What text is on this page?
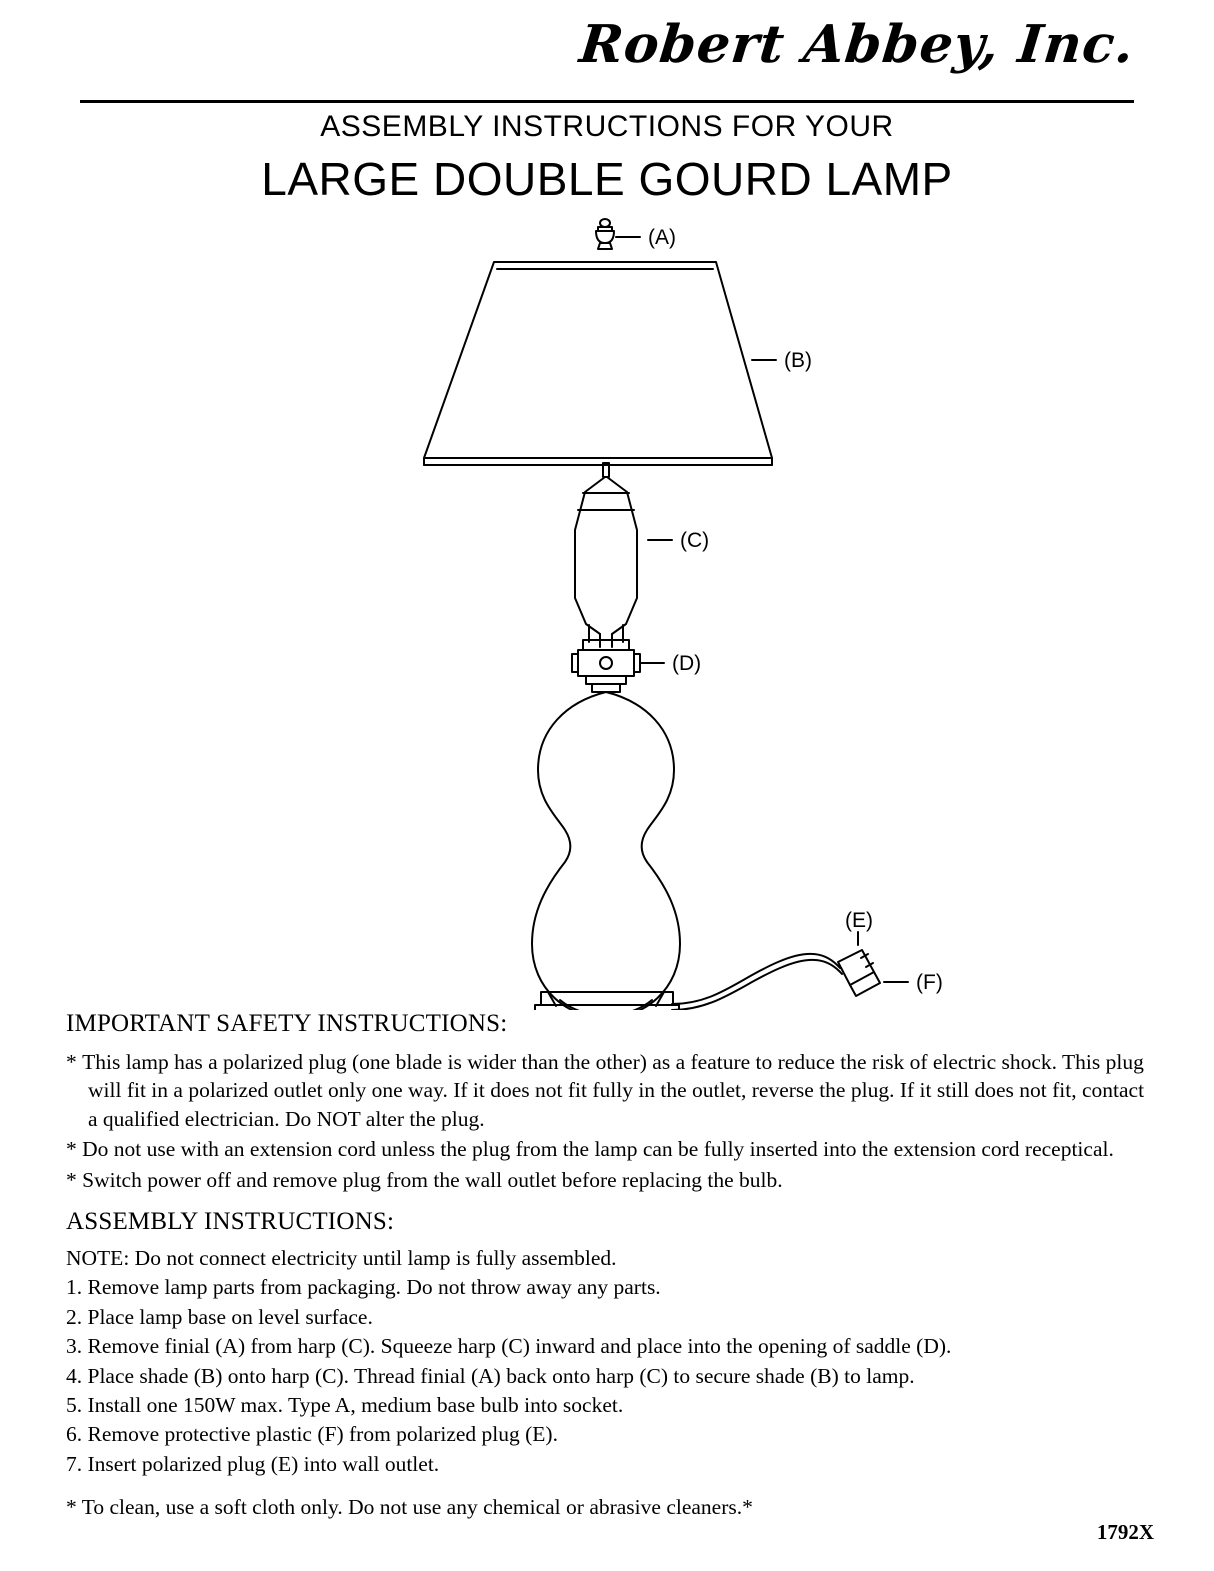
Robert Abbey, Inc.
ASSEMBLY INSTRUCTIONS FOR YOUR
LARGE DOUBLE GOURD LAMP
(A)
(B)
(C)
(D)
(F)
(E)
IMPORTANT SAFETY INSTRUCTIONS:
* This lamp has a polarized plug (one blade is wider than the other) as a feature to reduce the risk of electric shock. This plug will fit in a polarized outlet only one way. If it does not fit fully in the outlet, reverse the plug. If it still does not fit, contact a qualified electrician. Do NOT alter the plug.
* Do not use with an extension cord unless the plug from the lamp can be fully inserted into the extension cord receptical.
* Switch power off and remove plug from the wall outlet before replacing the bulb.
ASSEMBLY INSTRUCTIONS:
NOTE: Do not connect electricity until lamp is fully assembled.
1. Remove lamp parts from packaging. Do not throw away any parts.
2. Place lamp base on level surface.
3. Remove finial (A) from harp (C). Squeeze harp (C) inward and place into the opening of saddle (D).
4. Place shade (B) onto harp (C). Thread finial (A) back onto harp (C) to secure shade (B) to lamp.
5. Install one 150W max. Type A, medium base bulb into socket.
6. Remove protective plastic (F) from polarized plug (E).
7. Insert polarized plug (E) into wall outlet.
* To clean, use a soft cloth only. Do not use any chemical or abrasive cleaners.*
1792X
